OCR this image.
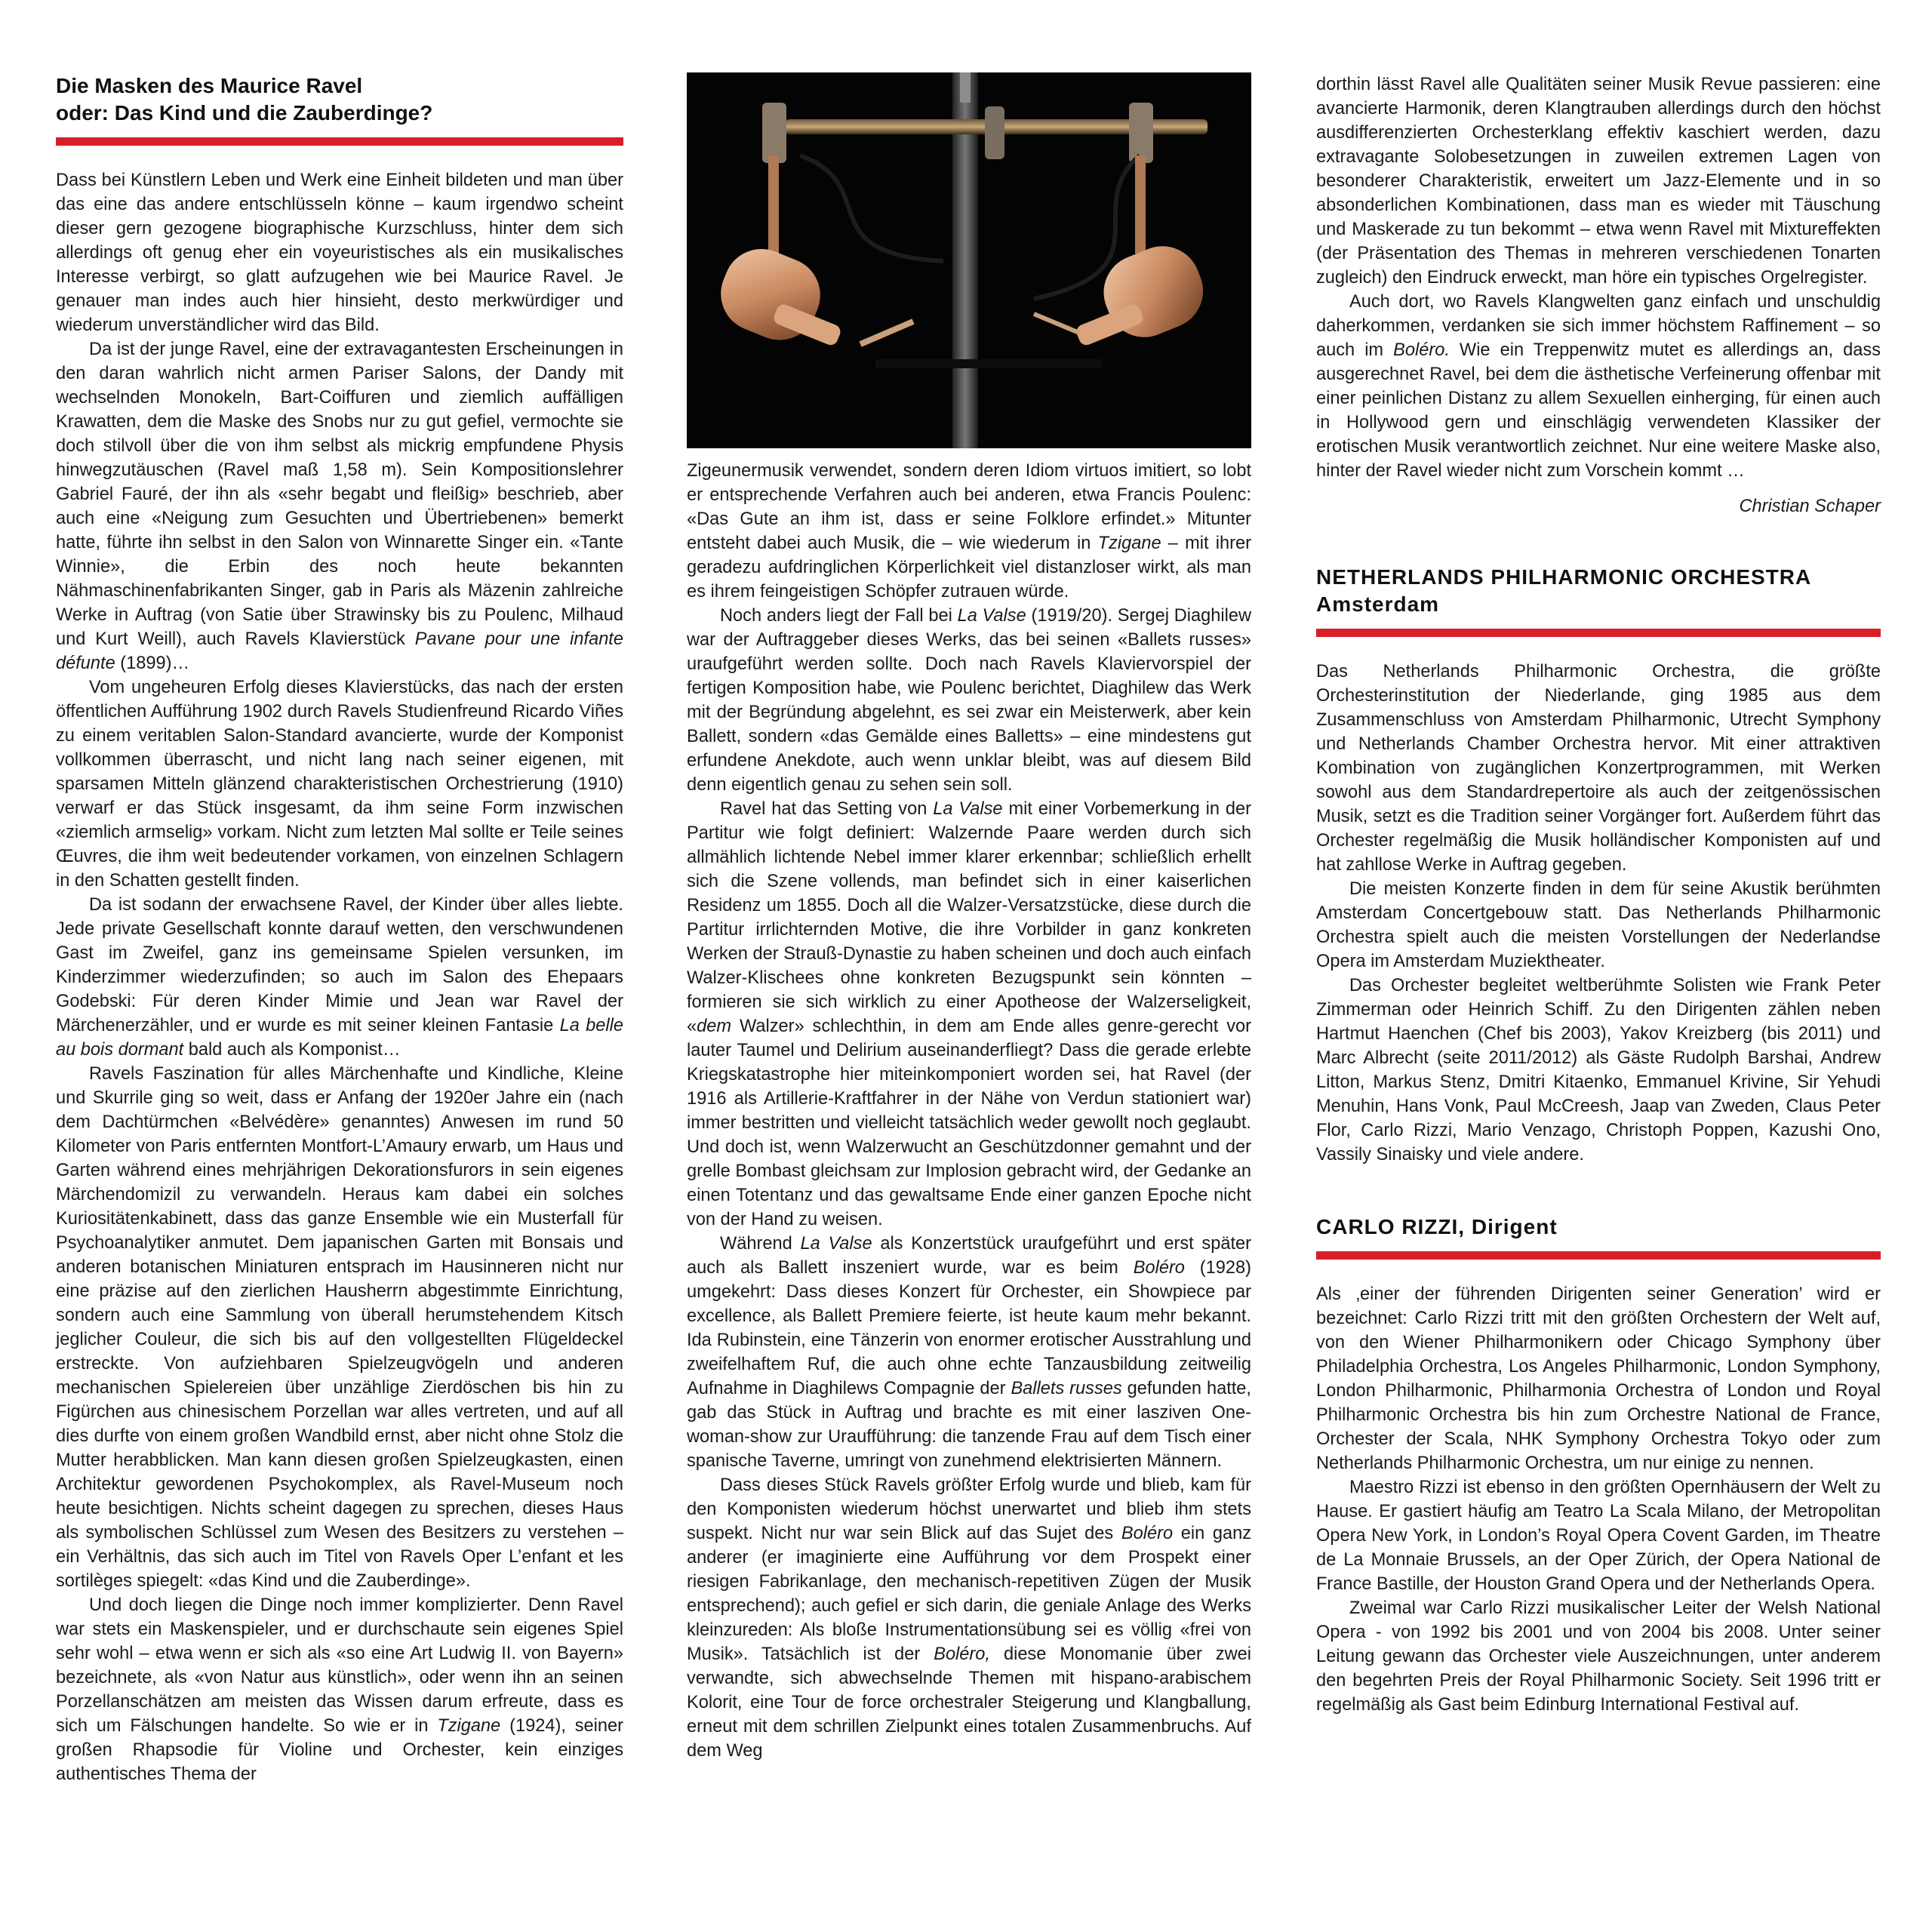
Die Masken des Maurice Ravel
oder: Das Kind und die Zauberdinge?

Dass bei Künstlern Leben und Werk eine Einheit bildeten und man über das eine das andere entschlüsseln könne – kaum irgendwo scheint dieser gern gezogene biographische Kurzschluss, hinter dem sich allerdings oft genug eher ein voyeuristisches als ein musikalisches Interesse verbirgt, so glatt aufzugehen wie bei Maurice Ravel. Je genauer man indes auch hier hinsieht, desto merkwürdiger und wiederum unverständlicher wird das Bild.

Da ist der junge Ravel, eine der extravagantesten Erscheinungen in den daran wahrlich nicht armen Pariser Salons, der Dandy mit wechselnden Monokeln, Bart-Coiffuren und ziemlich auffälligen Krawatten, dem die Maske des Snobs nur zu gut gefiel, vermochte sie doch stilvoll über die von ihm selbst als mickrig empfundene Physis hinwegzutäuschen (Ravel maß 1,58 m). Sein Kompositionslehrer Gabriel Fauré, der ihn als «sehr begabt und fleißig» beschrieb, aber auch eine «Neigung zum Gesuchten und Übertriebenen» bemerkt hatte, führte ihn selbst in den Salon von Winnarette Singer ein. «Tante Winnie», die Erbin des noch heute bekannten Nähmaschinenfabrikanten Singer, gab in Paris als Mäzenin zahlreiche Werke in Auftrag (von Satie über Strawinsky bis zu Poulenc, Milhaud und Kurt Weill), auch Ravels Klavierstück Pavane pour une infante défunte (1899)…

Vom ungeheuren Erfolg dieses Klavierstücks, das nach der ersten öffentlichen Aufführung 1902 durch Ravels Studienfreund Ricardo Viñes zu einem veritablen Salon-Standard avancierte, wurde der Komponist vollkommen überrascht, und nicht lang nach seiner eigenen, mit sparsamen Mitteln glänzend charakteristischen Orchestrierung (1910) verwarf er das Stück insgesamt, da ihm seine Form inzwischen «ziemlich armselig» vorkam. Nicht zum letzten Mal sollte er Teile seines Œuvres, die ihm weit bedeutender vorkamen, von einzelnen Schlagern in den Schatten gestellt finden.

Da ist sodann der erwachsene Ravel, der Kinder über alles liebte. Jede private Gesellschaft konnte darauf wetten, den verschwundenen Gast im Zweifel, ganz ins gemeinsame Spielen versunken, im Kinderzimmer wiederzufinden; so auch im Salon des Ehepaars Godebski: Für deren Kinder Mimie und Jean war Ravel der Märchenerzähler, und er wurde es mit seiner kleinen Fantasie La belle au bois dormant bald auch als Komponist…

Ravels Faszination für alles Märchenhafte und Kindliche, Kleine und Skurrile ging so weit, dass er Anfang der 1920er Jahre ein (nach dem Dachtürmchen «Belvédère» genanntes) Anwesen im rund 50 Kilometer von Paris entfernten Montfort-L’Amaury erwarb, um Haus und Garten während eines mehrjährigen Dekorationsfurors in sein eigenes Märchendomizil zu verwandeln. Heraus kam dabei ein solches Kuriositätenkabinett, dass das ganze Ensemble wie ein Musterfall für Psychoanalytiker anmutet. Dem japanischen Garten mit Bonsais und anderen botanischen Miniaturen entsprach im Hausinneren nicht nur eine präzise auf den zierlichen Hausherrn abgestimmte Einrichtung, sondern auch eine Sammlung von überall herumstehendem Kitsch jeglicher Couleur, die sich bis auf den vollgestellten Flügeldeckel erstreckte. Von aufziehbaren Spielzeugvögeln und anderen mechanischen Spielereien über unzählige Zierdöschen bis hin zu Figürchen aus chinesischem Porzellan war alles vertreten, und auf all dies durfte von einem großen Wandbild ernst, aber nicht ohne Stolz die Mutter herabblicken. Man kann diesen großen Spielzeugkasten, einen Architektur gewordenen Psychokomplex, als Ravel-Museum noch heute besichtigen. Nichts scheint dagegen zu sprechen, dieses Haus als symbolischen Schlüssel zum Wesen des Besitzers zu verstehen – ein Verhältnis, das sich auch im Titel von Ravels Oper L’enfant et les sortilèges spiegelt: «das Kind und die Zauberdinge».

Und doch liegen die Dinge noch immer komplizierter. Denn Ravel war stets ein Maskenspieler, und er durchschaute sein eigenes Spiel sehr wohl – etwa wenn er sich als «so eine Art Ludwig II. von Bayern» bezeichnete, als «von Natur aus künstlich», oder wenn ihn an seinen Porzellanschätzen am meisten das Wissen darum erfreute, dass es sich um Fälschungen handelte. So wie er in Tzigane (1924), seiner großen Rhapsodie für Violine und Orchester, kein einziges authentisches Thema der

Zigeunermusik verwendet, sondern deren Idiom virtuos imitiert, so lobt er entsprechende Verfahren auch bei anderen, etwa Francis Poulenc: «Das Gute an ihm ist, dass er seine Folklore erfindet.» Mitunter entsteht dabei auch Musik, die – wie wiederum in Tzigane – mit ihrer geradezu aufdringlichen Körperlichkeit viel distanzloser wirkt, als man es ihrem feingeistigen Schöpfer zutrauen würde.

Noch anders liegt der Fall bei La Valse (1919/20). Sergej Diaghilew war der Auftraggeber dieses Werks, das bei seinen «Ballets russes» uraufgeführt werden sollte. Doch nach Ravels Klaviervorspiel der fertigen Komposition habe, wie Poulenc berichtet, Diaghilew das Werk mit der Begründung abgelehnt, es sei zwar ein Meisterwerk, aber kein Ballett, sondern «das Gemälde eines Balletts» – eine mindestens gut erfundene Anekdote, auch wenn unklar bleibt, was auf diesem Bild denn eigentlich genau zu sehen sein soll.

Ravel hat das Setting von La Valse mit einer Vorbemerkung in der Partitur wie folgt definiert: Walzernde Paare werden durch sich allmählich lichtende Nebel immer klarer erkennbar; schließlich erhellt sich die Szene vollends, man befindet sich in einer kaiserlichen Residenz um 1855. Doch all die Walzer-Versatzstücke, diese durch die Partitur irrlichternden Motive, die ihre Vorbilder in ganz konkreten Werken der Strauß-Dynastie zu haben scheinen und doch auch einfach Walzer-Klischees ohne konkreten Bezugspunkt sein könnten – formieren sie sich wirklich zu einer Apotheose der Walzerseligkeit, «dem Walzer» schlechthin, in dem am Ende alles genre-gerecht vor lauter Taumel und Delirium auseinanderfliegt? Dass die gerade erlebte Kriegskatastrophe hier miteinkomponiert worden sei, hat Ravel (der 1916 als Artillerie-Kraftfahrer in der Nähe von Verdun stationiert war) immer bestritten und vielleicht tatsächlich weder gewollt noch geglaubt. Und doch ist, wenn Walzerwucht an Geschützdonner gemahnt und der grelle Bombast gleichsam zur Implosion gebracht wird, der Gedanke an einen Totentanz und das gewaltsame Ende einer ganzen Epoche nicht von der Hand zu weisen.

Während La Valse als Konzertstück uraufgeführt und erst später auch als Ballett inszeniert wurde, war es beim Boléro (1928) umgekehrt: Dass dieses Konzert für Orchester, ein Showpiece par excellence, als Ballett Premiere feierte, ist heute kaum mehr bekannt. Ida Rubinstein, eine Tänzerin von enormer erotischer Ausstrahlung und zweifelhaftem Ruf, die auch ohne echte Tanzausbildung zeitweilig Aufnahme in Diaghilews Compagnie der Ballets russes gefunden hatte, gab das Stück in Auftrag und brachte es mit einer lasziven One-woman-show zur Uraufführung: die tanzende Frau auf dem Tisch einer spanische Taverne, umringt von zunehmend elektrisierten Männern.

Dass dieses Stück Ravels größter Erfolg wurde und blieb, kam für den Komponisten wiederum höchst unerwartet und blieb ihm stets suspekt. Nicht nur war sein Blick auf das Sujet des Boléro ein ganz anderer (er imaginierte eine Aufführung vor dem Prospekt einer riesigen Fabrikanlage, den mechanisch-repetitiven Zügen der Musik entsprechend); auch gefiel er sich darin, die geniale Anlage des Werks kleinzureden: Als bloße Instrumentationsübung sei es völlig «frei von Musik». Tatsächlich ist der Boléro, diese Monomanie über zwei verwandte, sich abwechselnde Themen mit hispano-arabischem Kolorit, eine Tour de force orchestraler Steigerung und Klangballung, erneut mit dem schrillen Zielpunkt eines totalen Zusammenbruchs. Auf dem Weg

dorthin lässt Ravel alle Qualitäten seiner Musik Revue passieren: eine avancierte Harmonik, deren Klangtrauben allerdings durch den höchst ausdifferenzierten Orchesterklang effektiv kaschiert werden, dazu extravagante Solobesetzungen in zuweilen extremen Lagen von besonderer Charakteristik, erweitert um Jazz-Elemente und in so absonderlichen Kombinationen, dass man es wieder mit Täuschung und Maskerade zu tun bekommt – etwa wenn Ravel mit Mixtureffekten (der Präsentation des Themas in mehreren verschiedenen Tonarten zugleich) den Eindruck erweckt, man höre ein typisches Orgelregister.

Auch dort, wo Ravels Klangwelten ganz einfach und unschuldig daherkommen, verdanken sie sich immer höchstem Raffinement – so auch im Boléro. Wie ein Treppenwitz mutet es allerdings an, dass ausgerechnet Ravel, bei dem die ästhetische Verfeinerung offenbar mit einer peinlichen Distanz zu allem Sexuellen einherging, für einen auch in Hollywood gern und einschlägig verwendeten Klassiker der erotischen Musik verantwortlich zeichnet. Nur eine weitere Maske also, hinter der Ravel wieder nicht zum Vorschein kommt …

Christian Schaper
NETHERLANDS PHILHARMONIC ORCHESTRA
Amsterdam

Das Netherlands Philharmonic Orchestra, die größte Orchesterinstitution der Niederlande, ging 1985 aus dem Zusammenschluss von Amsterdam Philharmonic, Utrecht Symphony und Netherlands Chamber Orchestra hervor. Mit einer attraktiven Kombination von zugänglichen Konzertprogrammen, mit Werken sowohl aus dem Standardrepertoire als auch der zeitgenössischen Musik, setzt es die Tradition seiner Vorgänger fort. Außerdem führt das Orchester regelmäßig die Musik holländischer Komponisten auf und hat zahllose Werke in Auftrag gegeben.

Die meisten Konzerte finden in dem für seine Akustik berühmten Amsterdam Concertgebouw statt. Das Netherlands Philharmonic Orchestra spielt auch die meisten Vorstellungen der Nederlandse Opera im Amsterdam Muziektheater.

Das Orchester begleitet weltberühmte Solisten wie Frank Peter Zimmerman oder Heinrich Schiff. Zu den Dirigenten zählen neben Hartmut Haenchen (Chef bis 2003), Yakov Kreizberg (bis 2011) und Marc Albrecht (seite 2011/2012) als Gäste Rudolph Barshai, Andrew Litton, Markus Stenz, Dmitri Kitaenko, Emmanuel Krivine, Sir Yehudi Menuhin, Hans Vonk, Paul McCreesh, Jaap van Zweden, Claus Peter Flor, Carlo Rizzi, Mario Venzago, Christoph Poppen, Kazushi Ono, Vassily Sinaisky und viele andere.

CARLO RIZZI, Dirigent

Als ‚einer der führenden Dirigenten seiner Generation’ wird er bezeichnet: Carlo Rizzi tritt mit den größten Orchestern der Welt auf, von den Wiener Philharmonikern oder Chicago Symphony über Philadelphia Orchestra, Los Angeles Philharmonic, London Symphony, London Philharmonic, Philharmonia Orchestra of London und Royal Philharmonic Orchestra bis hin zum Orchestre National de France, Orchester der Scala, NHK Symphony Orchestra Tokyo oder zum Netherlands Philharmonic Orchestra, um nur einige zu nennen.

Maestro Rizzi ist ebenso in den größten Opernhäusern der Welt zu Hause. Er gastiert häufig am Teatro La Scala Milano, der Metropolitan Opera New York, in London’s Royal Opera Covent Garden, im Theatre de La Monnaie Brussels, an der Oper Zürich, der Opera National de France Bastille, der Houston Grand Opera und der Netherlands Opera.

Zweimal war Carlo Rizzi musikalischer Leiter der Welsh National Opera - von 1992 bis 2001 und von 2004 bis 2008. Unter seiner Leitung gewann das Orchester viele Auszeichnungen, unter anderem den begehrten Preis der Royal Philharmonic Society. Seit 1996 tritt er regelmäßig als Gast beim Edinburg International Festival auf.
